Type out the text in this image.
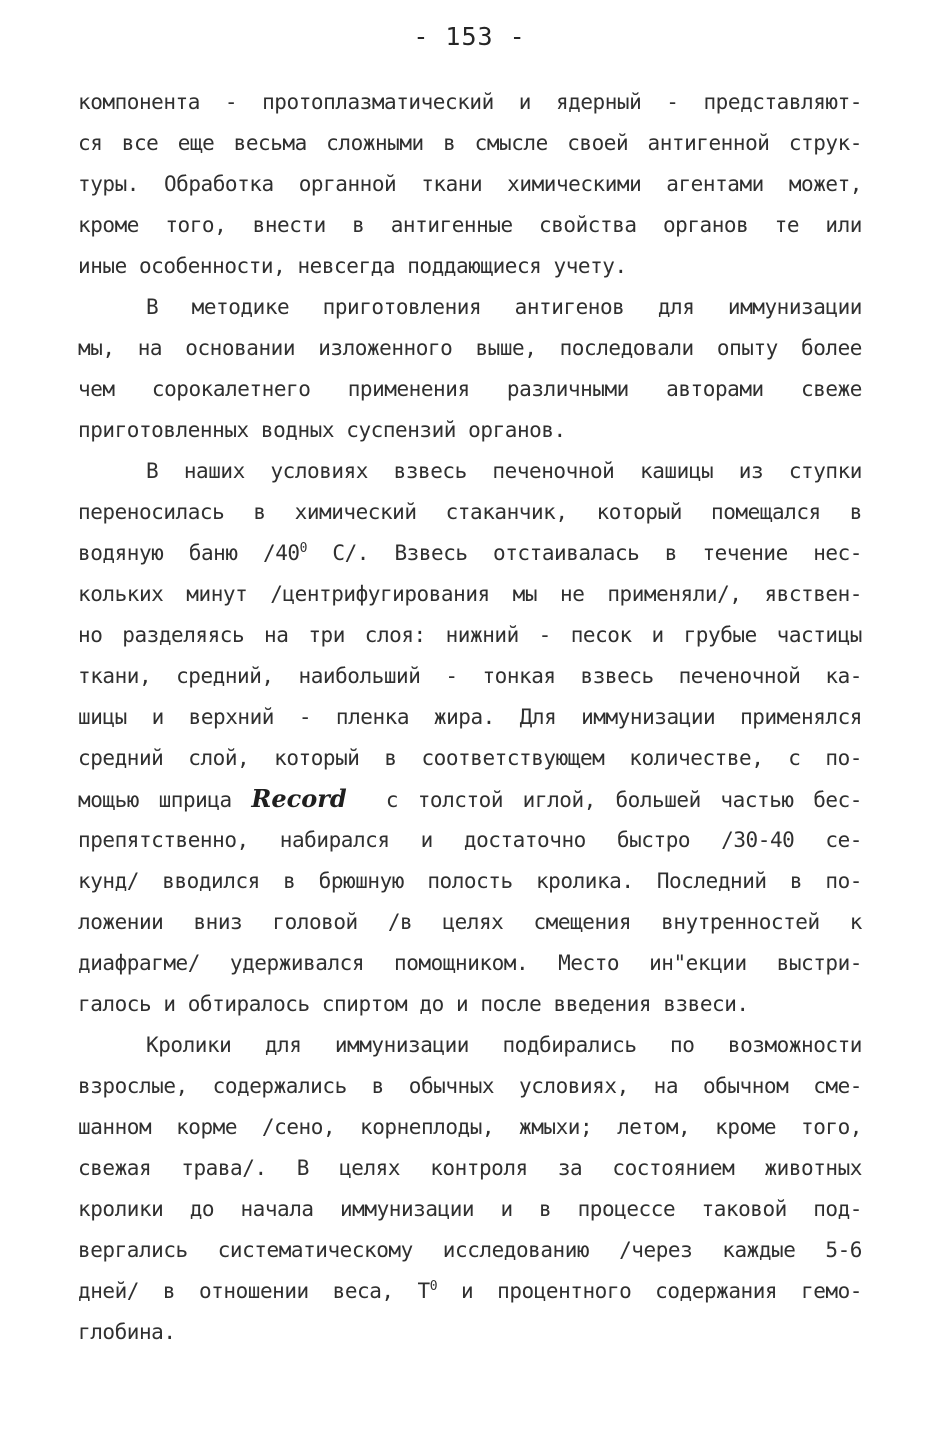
- 153 -
компонента - протоплазматический и ядерный - представляют-
ся все еще весьма сложными в смысле своей антигенной струк-
туры. Обработка органной ткани химическими агентами может,
кроме того, внести в антигенные свойства органов те или
иные особенности, невсегда поддающиеся учету.
В методике приготовления антигенов для иммунизации
мы, на основании изложенного выше, последовали опыту более
чем сорокалетнего применения различными авторами свеже
приготовленных водных суспензий органов.
В наших условиях взвесь печеночной кашицы из ступки
переносилась в химический стаканчик, который помещался в
водяную баню $/40^0$ С/. Взвесь отстаивалась в течение нес-
кольких минут /центрифугирования мы не применяли/, явствен-
но разделяясь на три слоя: нижний - песок и грубые частицы
ткани, средний, наибольший - тонкая взвесь печеночной ка-
шицы и верхний - пленка жира. Для иммунизации применялся
средний слой, который в соответствующем количестве, с по-
мощью шприца Record  с толстой иглой, большей частью бес-
препятственно, набирался и достаточно быстро /30-40 се-
кунд/ вводился в брюшную полость кролика. Последний в по-
ложении вниз головой /в целях смещения внутренностей к
диафрагме/ удерживался помощником. Место ин"екции выстри-
галось и обтиралось спиртом до и после введения взвеси.
Кролики для иммунизации подбирались по возможности
взрослые, содержались в обычных условиях, на обычном сме-
шанном корме /сено, корнеплоды, жмыхи; летом, кроме того,
свежая трава/. В целях контроля за состоянием животных
кролики до начала иммунизации и в процессе таковой под-
вергались систематическому исследованию /через каждые 5-6
дней/ в отношении веса, $Т^0$ и процентного содержания гемо-
глобина.
